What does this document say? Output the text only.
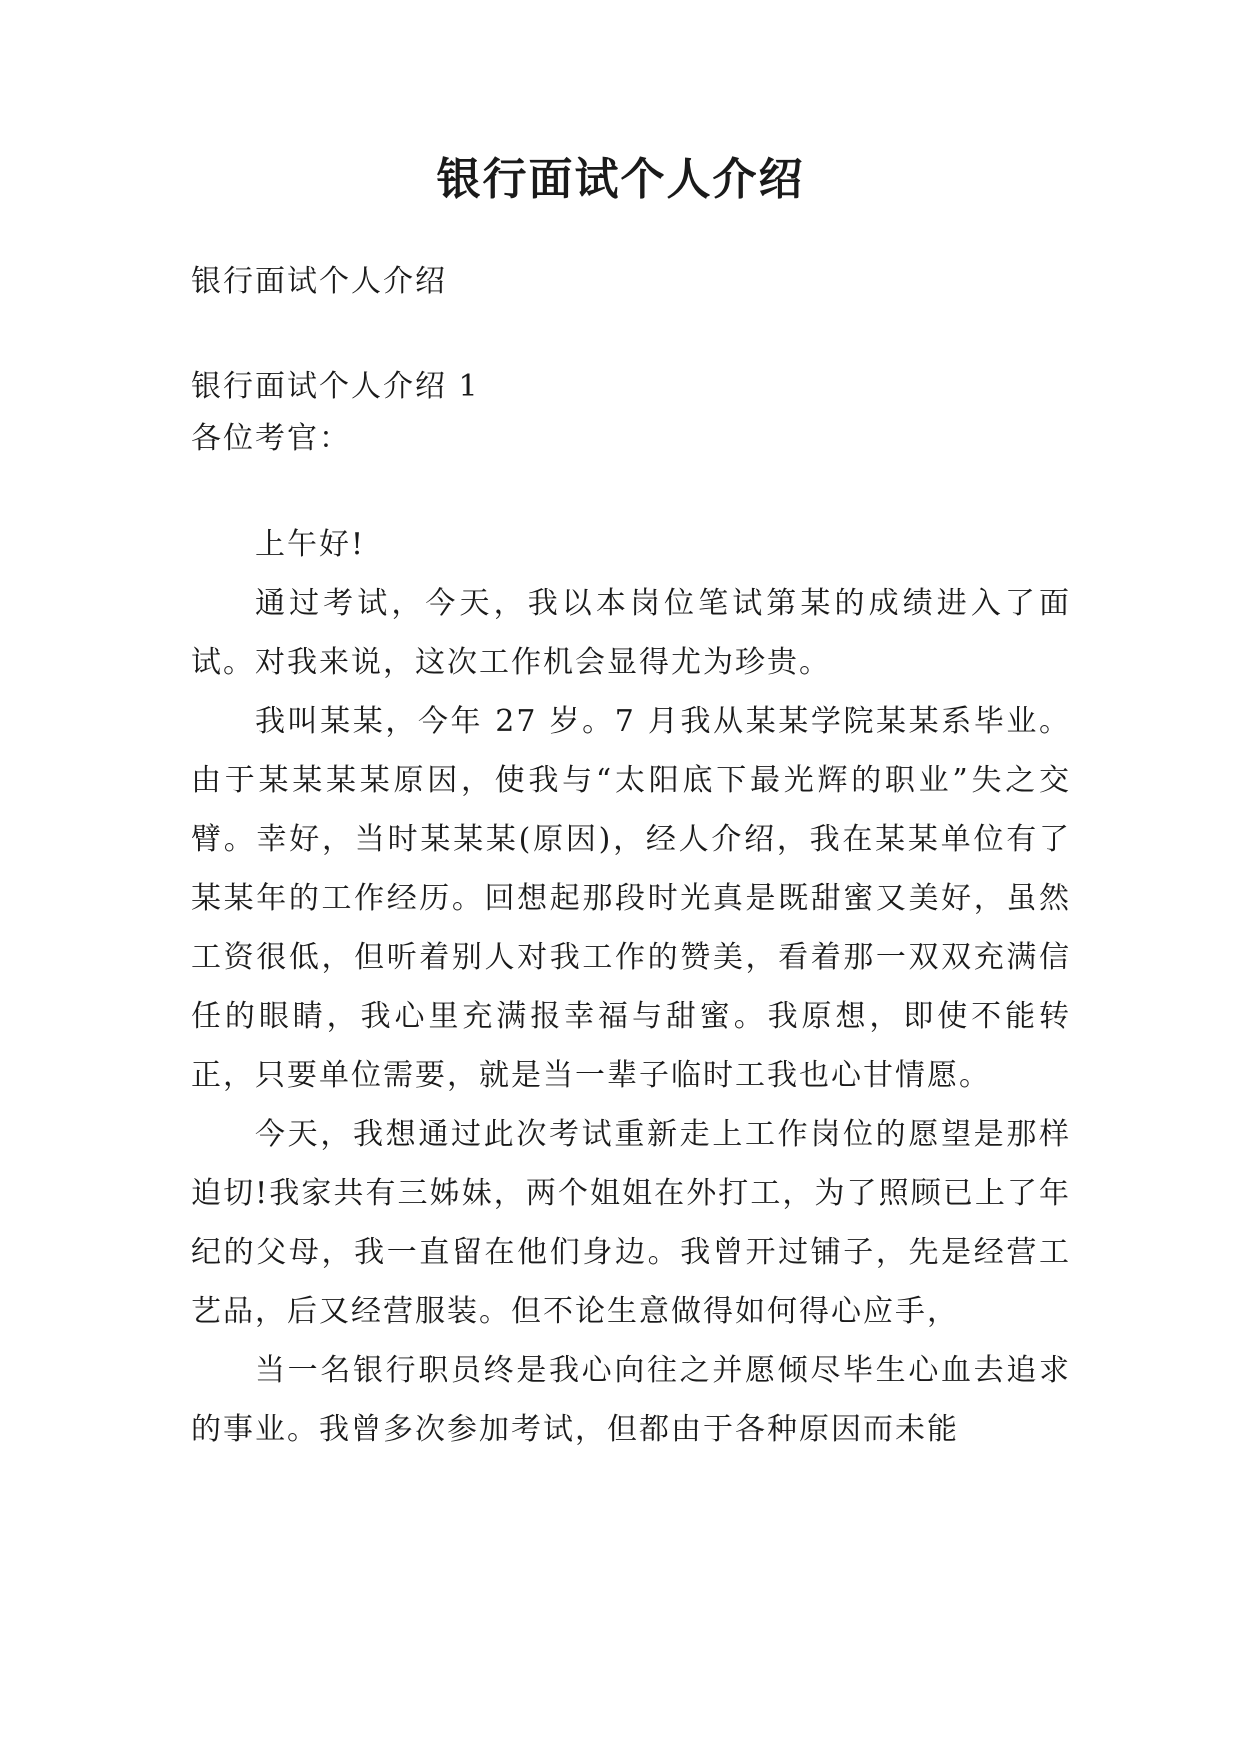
银行面试个人介绍

银行面试个人介绍

银行面试个人介绍 1

各位考官：

上午好!

通过考试，今天，我以本岗位笔试第某的成绩进入了面试。对我来说，这次工作机会显得尤为珍贵。

我叫某某，今年 27 岁。7 月我从某某学院某某系毕业。由于某某某某原因，使我与“太阳底下最光辉的职业”失之交臂。幸好，当时某某某(原因)，经人介绍，我在某某单位有了某某年的工作经历。回想起那段时光真是既甜蜜又美好，虽然工资很低，但听着别人对我工作的赞美，看着那一双双充满信任的眼睛，我心里充满报幸福与甜蜜。我原想，即使不能转正，只要单位需要，就是当一辈子临时工我也心甘情愿。

今天，我想通过此次考试重新走上工作岗位的愿望是那样迫切!我家共有三姊妹，两个姐姐在外打工，为了照顾已上了年纪的父母，我一直留在他们身边。我曾开过铺子，先是经营工艺品，后又经营服装。但不论生意做得如何得心应手，

当一名银行职员终是我心向往之并愿倾尽毕生心血去追求的事业。我曾多次参加考试，但都由于各种原因而未能
